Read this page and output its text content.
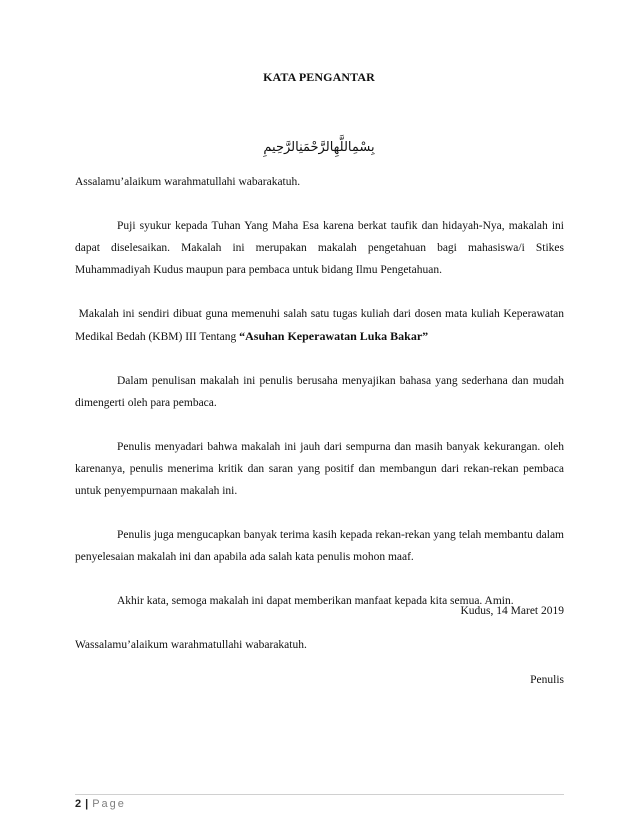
KATA PENGANTAR
بِسْمِاللَّهِالرَّحْمَنِالرَّحِيمِ

Assalamu’alaikum warahmatullahi wabarakatuh.

Puji syukur kepada Tuhan Yang Maha Esa karena berkat taufik dan hidayah-Nya, makalah ini dapat diselesaikan. Makalah ini merupakan makalah pengetahuan bagi mahasiswa/i Stikes Muhammadiyah Kudus maupun para pembaca untuk bidang Ilmu Pengetahuan.

Makalah ini sendiri dibuat guna memenuhi salah satu tugas kuliah dari dosen mata kuliah Keperawatan Medikal Bedah (KBM) III Tentang “Asuhan Keperawatan Luka Bakar”

Dalam penulisan makalah ini penulis berusaha menyajikan bahasa yang sederhana dan mudah dimengerti oleh para pembaca.

Penulis menyadari bahwa makalah ini jauh dari sempurna dan masih banyak kekurangan. oleh karenanya, penulis menerima kritik dan saran yang positif dan membangun dari rekan-rekan pembaca untuk penyempurnaan makalah ini.

Penulis juga mengucapkan banyak terima kasih kepada rekan-rekan yang telah membantu dalam penyelesaian makalah ini dan apabila ada salah kata penulis mohon maaf.

Akhir kata, semoga makalah ini dapat memberikan manfaat kepada kita semua. Amin.

Wassalamu’alaikum warahmatullahi wabarakatuh.

Kudus, 14 Maret 2019
Penulis
2 | Page
